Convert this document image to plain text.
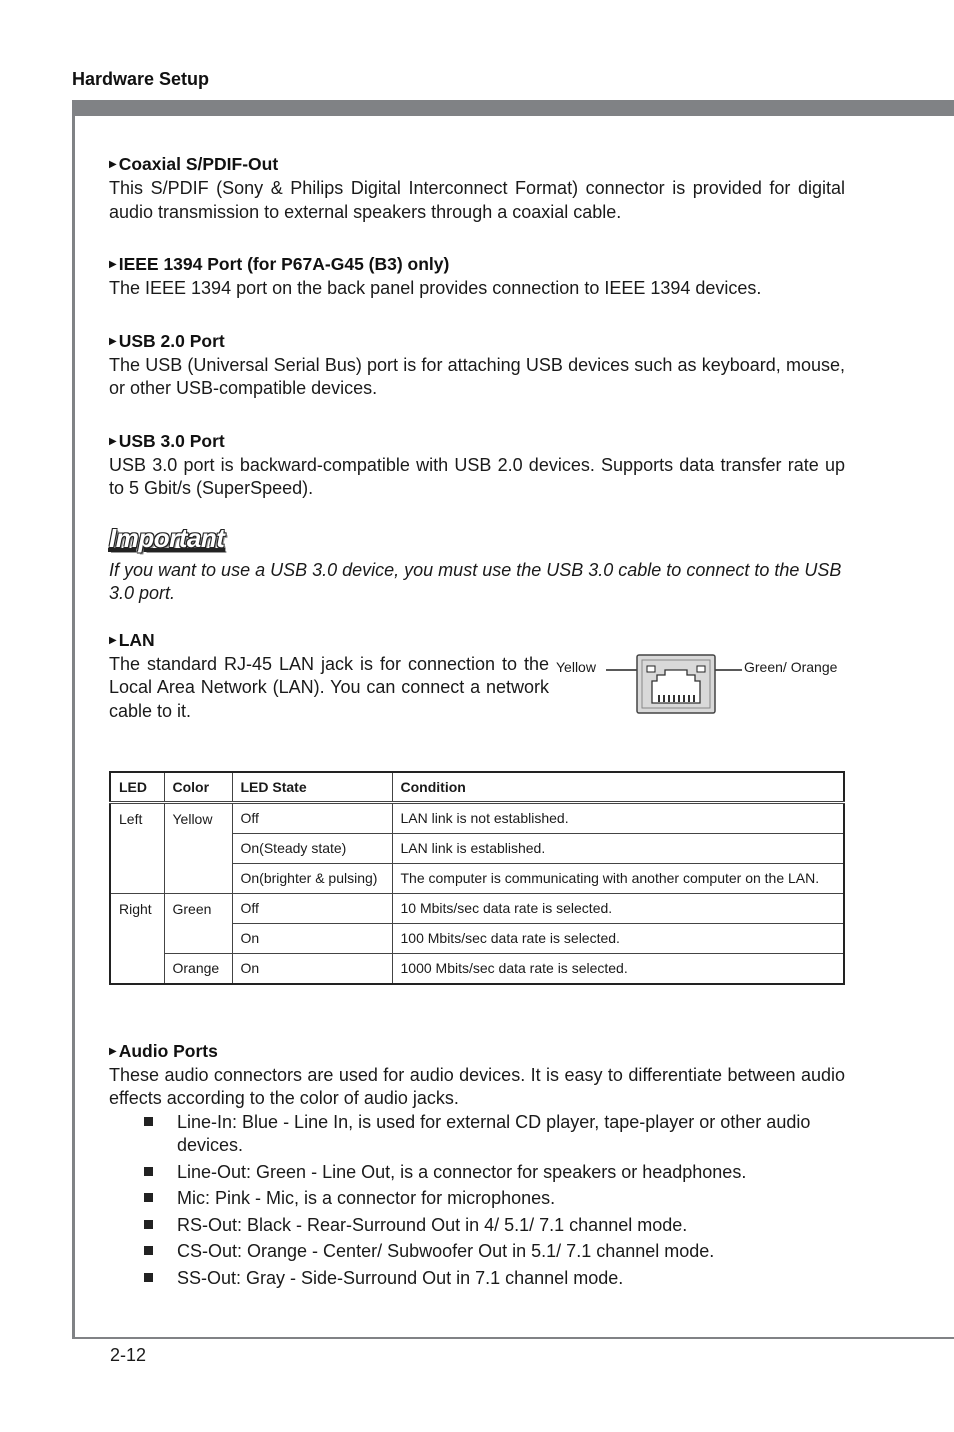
Hardware Setup

▶ Coaxial S/PDIF-Out

This S/PDIF (Sony & Philips Digital Interconnect Format) connector is provided for digital audio transmission to external speakers through a coaxial cable.

▶ IEEE 1394 Port (for P67A-G45 (B3) only)

The IEEE 1394 port on the back panel provides connection to IEEE 1394 devices.

▶ USB 2.0 Port

The USB (Universal Serial Bus) port is for attaching USB devices such as keyboard, mouse, or other USB-compatible devices.

▶ USB 3.0 Port

USB 3.0 port is backward-compatible with USB 2.0 devices. Supports data transfer rate up to 5 Gbit/s (SuperSpeed).

Important

If you want to use a USB 3.0 device, you must use the USB 3.0 cable to connect to the USB 3.0 port.

▶ LAN

The standard RJ-45 LAN jack is for connection to the Local Area Network (LAN). You can connect a network cable to it.

Yellow	Green/ Orange
LED	Color	LED State	Condition
Left	Yellow	Off	LAN link is not established.
		On(Steady state)	LAN link is established.
		On(brighter & pulsing)	The computer is communicating with another computer on the LAN.
Right	Green	Off	10 Mbits/sec data rate is selected.
		On	100 Mbits/sec data rate is selected.
	Orange	On	1000 Mbits/sec data rate is selected.

▶ Audio Ports

These audio connectors are used for audio devices. It is easy to differentiate between audio effects according to the color of audio jacks.

Line-In: Blue - Line In, is used for external CD player, tape-player or other audio devices.
Line-Out: Green - Line Out, is a connector for speakers or headphones.
Mic: Pink - Mic, is a connector for microphones.
RS-Out: Black - Rear-Surround Out in 4/ 5.1/ 7.1 channel mode.
CS-Out: Orange - Center/ Subwoofer Out in 5.1/ 7.1 channel mode.
SS-Out: Gray - Side-Surround Out in 7.1 channel mode.
2-12
